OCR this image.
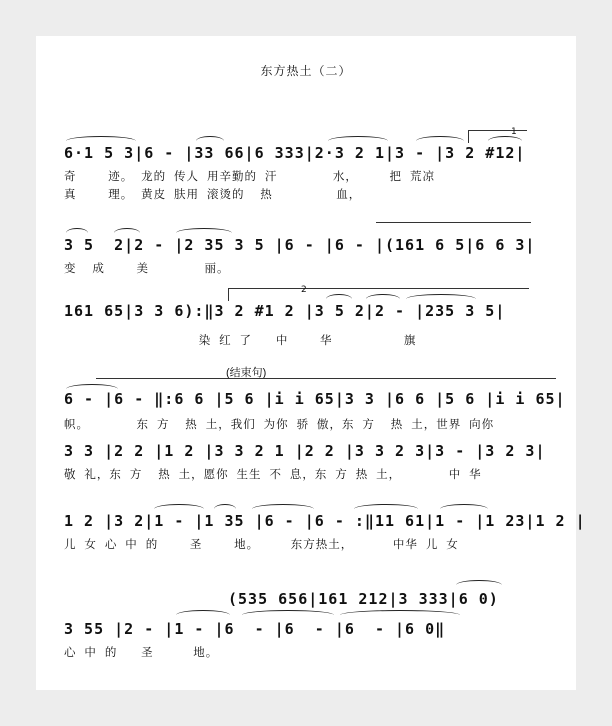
东方热土（二）
1
6·1 5 3|6 - |33 66|6 333|2·3 2 1|3 - |3 2 #12|
奇    迹。 龙的 传人 用辛勤的 汗       水，    把 荒凉
真    理。 黄皮 肤用 滚烫的  热        血，
3 5  2|2 - |2 35 3 5 |6 - |6 - |(161 6 5|6 6 3|
变  成    美       丽。
2
161 65|3 3 6):‖3 2 #1 2 |3 5 2|2 - |235 3 5|
染 红 了   中    华         旗
(结束句)
6 - |6 - ‖:6 6 |5 6 |i i 65|3 3 |6 6 |5 6 |i i 65|
帜。      东 方  热 土，我们 为你 骄 傲，东 方  热 土，世界 向你
3 3 |2 2 |1 2 |3 3 2 1 |2 2 |3 3 2 3|3 - |3 2 3|
敬 礼，东 方  热 土，愿你 生生 不 息，东 方 热 土，      中 华
1 2 |3 2|1 - |1 35 |6 - |6 - :‖11 61|1 - |1 23|1 2 |
儿 女 心 中 的    圣    地。    东方热土，     中华 儿 女
(535 656|161 212|3 333|6 0)
3 55 |2 - |1 - |6  - |6  - |6  - |6 0‖
心 中 的   圣     地。
